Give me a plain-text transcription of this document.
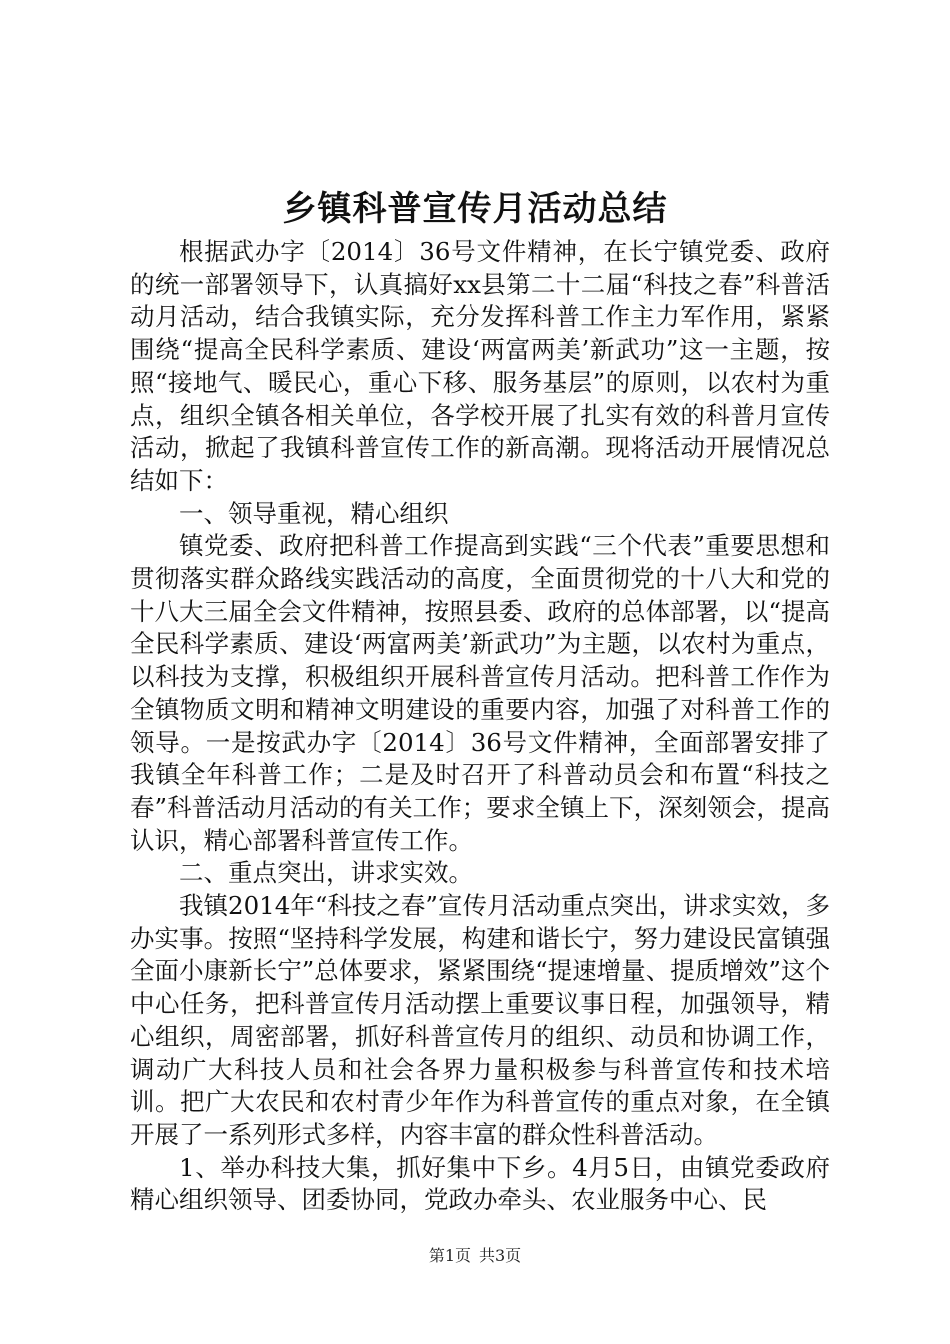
乡镇科普宣传月活动总结

根据武办字〔2014〕36号文件精神，在长宁镇党委、政府的统一部署领导下，认真搞好xx县第二十二届“科技之春”科普活动月活动，结合我镇实际，充分发挥科普工作主力军作用，紧紧围绕“提高全民科学素质、建设‘两富两美’新武功”这一主题，按照“接地气、暖民心，重心下移、服务基层”的原则，以农村为重点，组织全镇各相关单位，各学校开展了扎实有效的科普月宣传活动，掀起了我镇科普宣传工作的新高潮。现将活动开展情况总结如下：

一、领导重视，精心组织

镇党委、政府把科普工作提高到实践“三个代表”重要思想和贯彻落实群众路线实践活动的高度，全面贯彻党的十八大和党的十八大三届全会文件精神，按照县委、政府的总体部署，以“提高全民科学素质、建设‘两富两美’新武功”为主题，以农村为重点，以科技为支撑，积极组织开展科普宣传月活动。把科普工作作为全镇物质文明和精神文明建设的重要内容，加强了对科普工作的领导。一是按武办字〔2014〕36号文件精神，全面部署安排了我镇全年科普工作；二是及时召开了科普动员会和布置“科技之春”科普活动月活动的有关工作；要求全镇上下，深刻领会，提高认识，精心部署科普宣传工作。

二、重点突出，讲求实效。

我镇2014年“科技之春”宣传月活动重点突出，讲求实效，多办实事。按照“坚持科学发展，构建和谐长宁，努力建设民富镇强全面小康新长宁”总体要求，紧紧围绕“提速增量、提质增效”这个中心任务，把科普宣传月活动摆上重要议事日程，加强领导，精心组织，周密部署，抓好科普宣传月的组织、动员和协调工作，调动广大科技人员和社会各界力量积极参与科普宣传和技术培训。把广大农民和农村青少年作为科普宣传的重点对象，在全镇开展了一系列形式多样，内容丰富的群众性科普活动。

1、举办科技大集，抓好集中下乡。4月5日，由镇党委政府精心组织领导、团委协同，党政办牵头、农业服务中心、民

第1页 共3页
